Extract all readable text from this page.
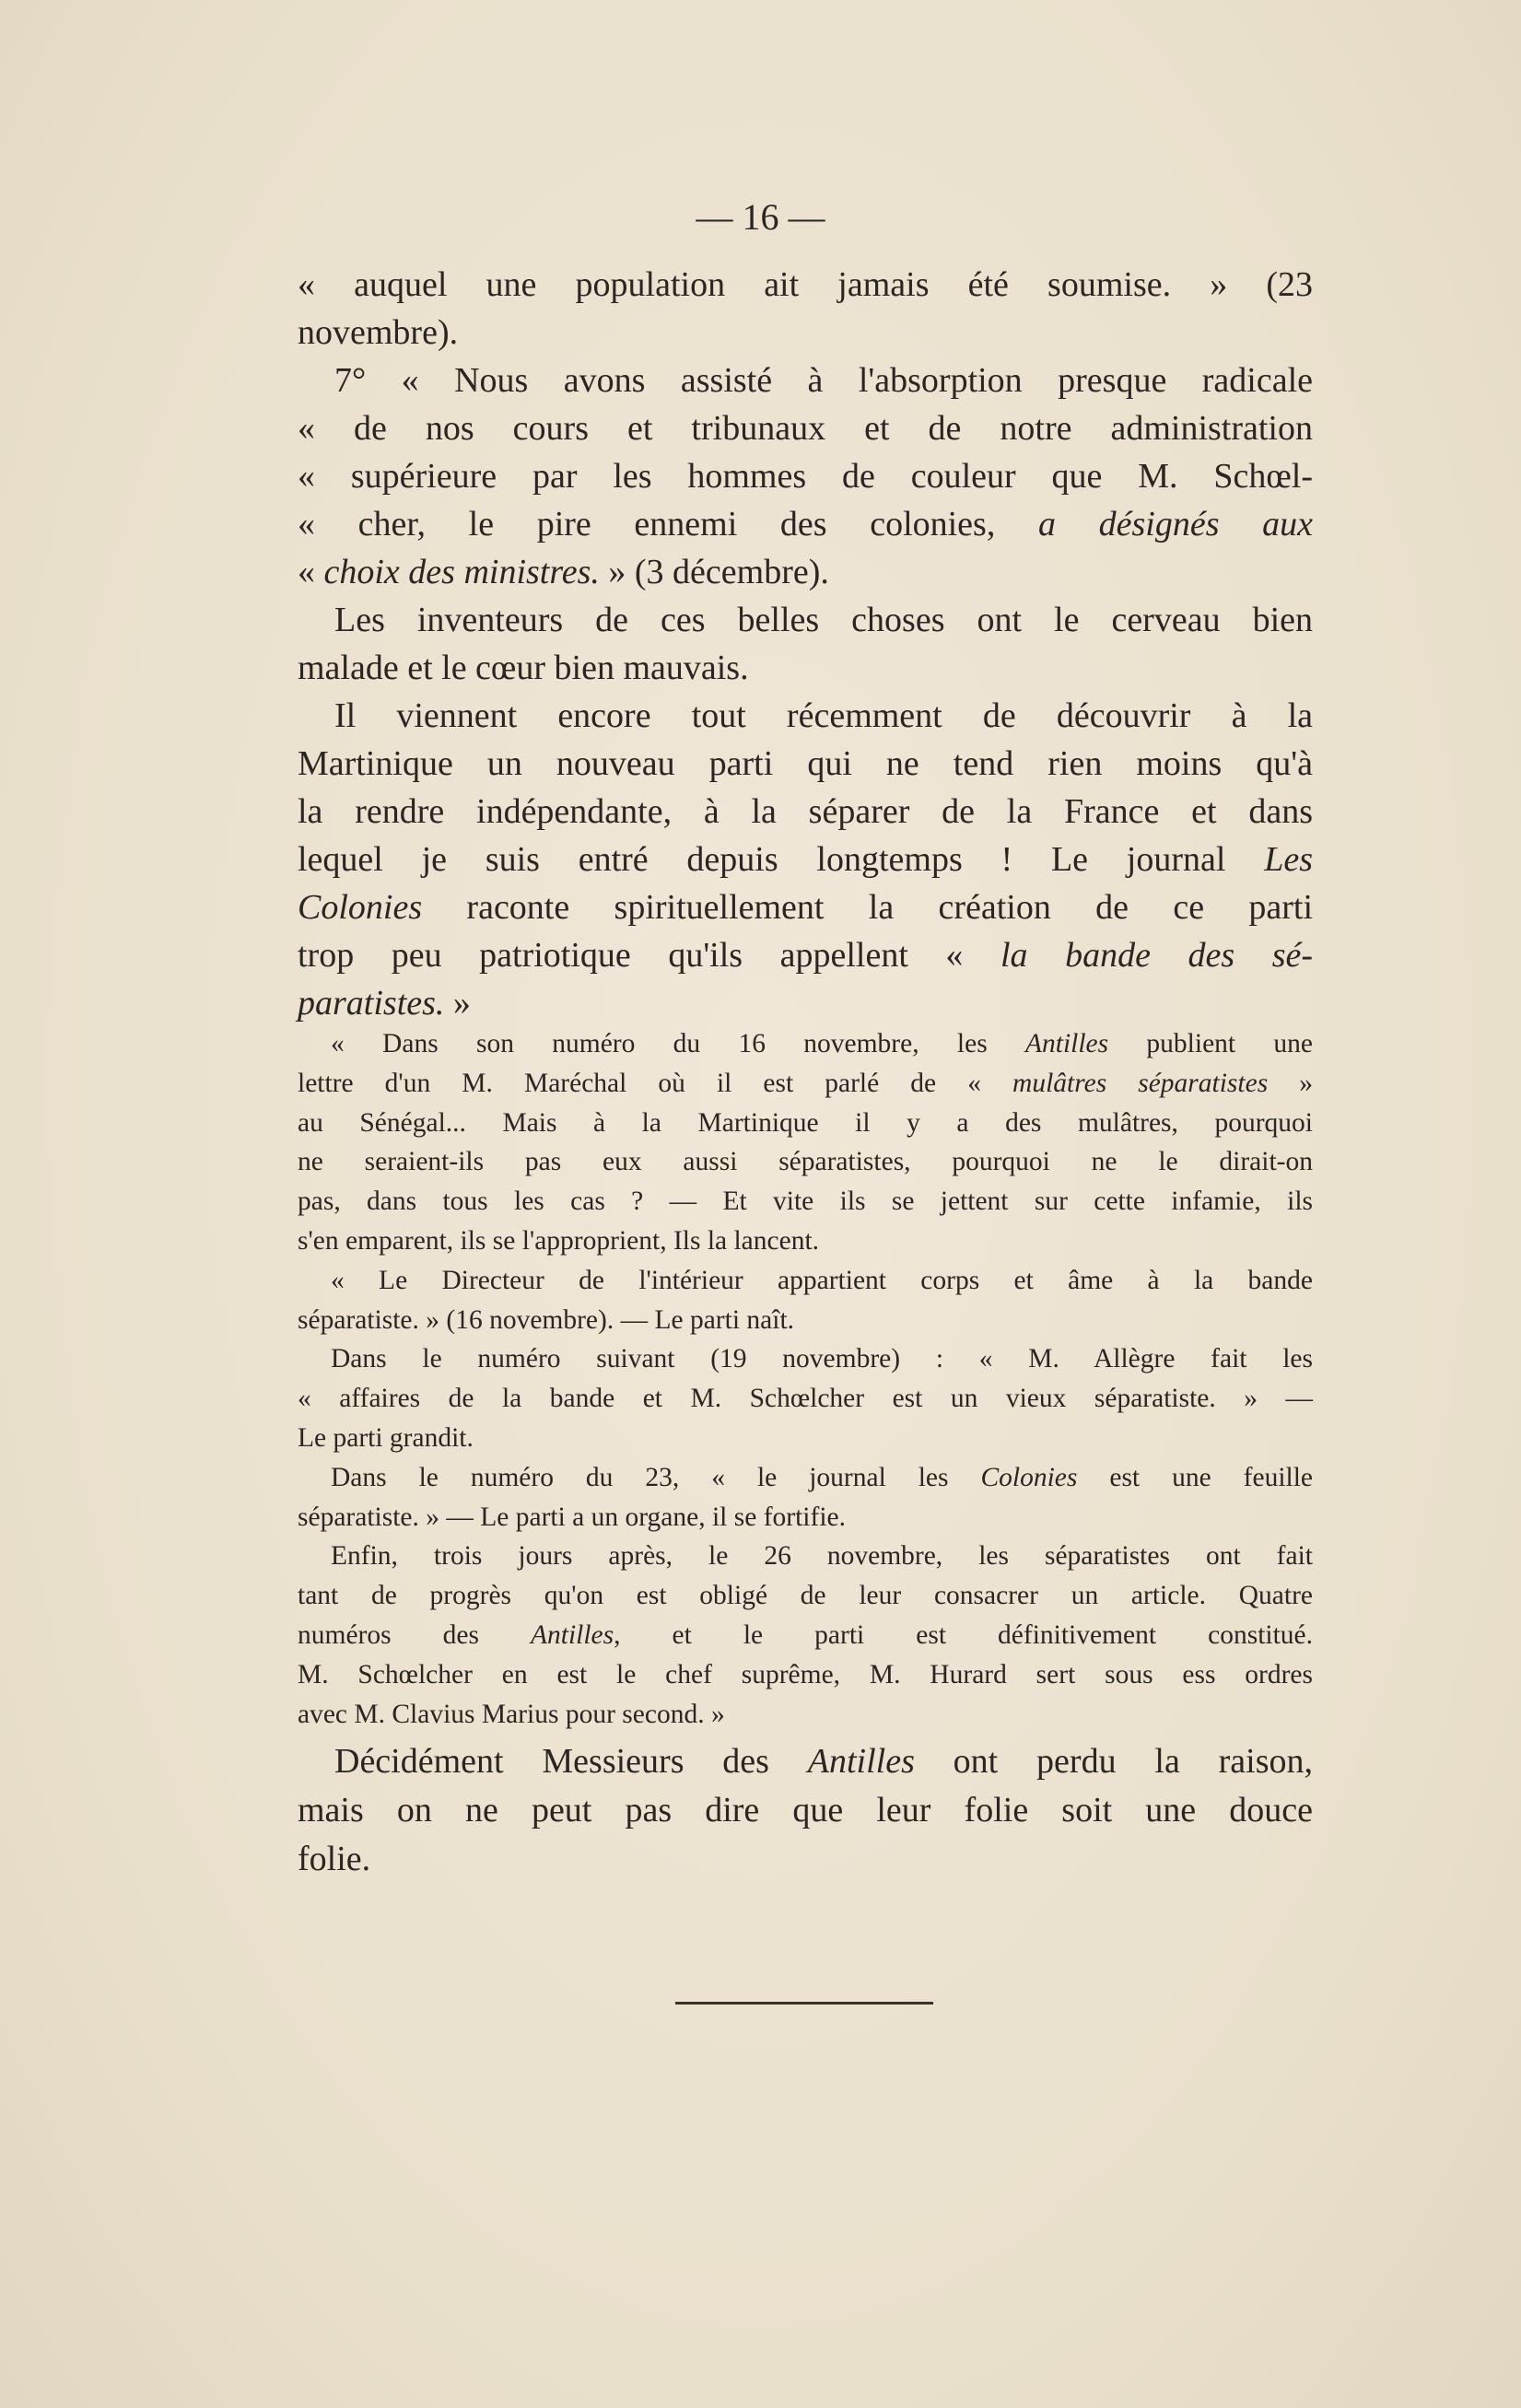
— 16 —
« auquel une population ait jamais été soumise. » (23
novembre).
7° « Nous avons assisté à l'absorption presque radicale
« de nos cours et tribunaux et de notre administration
« supérieure par les hommes de couleur que M. Schœl-
« cher, le pire ennemi des colonies, a désignés aux
« choix des ministres. » (3 décembre).
Les inventeurs de ces belles choses ont le cerveau bien
malade et le cœur bien mauvais.
Il viennent encore tout récemment de découvrir à la
Martinique un nouveau parti qui ne tend rien moins qu'à
la rendre indépendante, à la séparer de la France et dans
lequel je suis entré depuis longtemps ! Le journal Les
Colonies raconte spirituellement la création de ce parti
trop peu patriotique qu'ils appellent « la bande des sé-
paratistes. »
« Dans son numéro du 16 novembre, les Antilles publient une
lettre d'un M. Maréchal où il est parlé de « mulâtres séparatistes »
au Sénégal... Mais à la Martinique il y a des mulâtres, pourquoi
ne seraient-ils pas eux aussi séparatistes, pourquoi ne le dirait-on
pas, dans tous les cas ? — Et vite ils se jettent sur cette infamie, ils
s'en emparent, ils se l'approprient, Ils la lancent.
« Le Directeur de l'intérieur appartient corps et âme à la bande
séparatiste. » (16 novembre). — Le parti naît.
Dans le numéro suivant (19 novembre) : « M. Allègre fait les
« affaires de la bande et M. Schœlcher est un vieux séparatiste. » —
Le parti grandit.
Dans le numéro du 23, « le journal les Colonies est une feuille
séparatiste. » — Le parti a un organe, il se fortifie.
Enfin, trois jours après, le 26 novembre, les séparatistes ont fait
tant de progrès qu'on est obligé de leur consacrer un article. Quatre
numéros des Antilles, et le parti est définitivement constitué.
M. Schœlcher en est le chef suprême, M. Hurard sert sous ess ordres
avec M. Clavius Marius pour second. »
Décidément Messieurs des Antilles ont perdu la raison,
mais on ne peut pas dire que leur folie soit une douce
folie.
